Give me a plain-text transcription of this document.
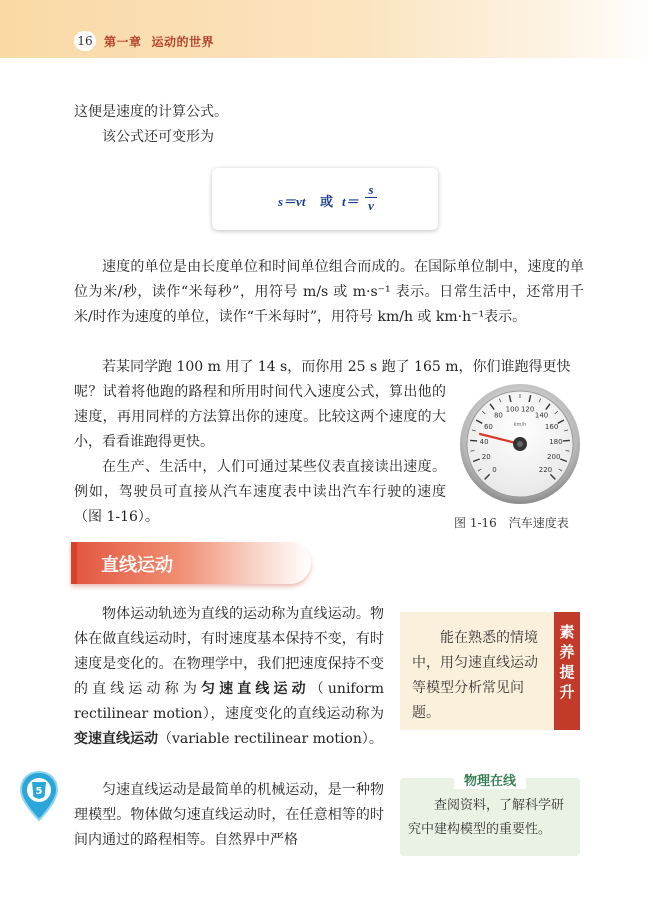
16 第一章 运动的世界

这便是速度的计算公式。

该公式还可变形为

s＝vt 或 $t= \frac{s}{v}$

速度的单位是由长度单位和时间单位组合而成的。在国际单位制中，速度的单位为米/秒，读作“米每秒”，用符号 m/s 或 m·s⁻¹ 表示。日常生活中，还常用千米/时作为速度的单位，读作“千米每时”，用符号 km/h 或 km·h⁻¹表示。

若某同学跑 100 m 用了 14 s，而你用 25 s 跑了 165 m，你们谁跑得更快

呢？试着将他跑的路程和所用时间代入速度公式，算出他的速度，再用同样的方法算出你的速度。比较这两个速度的大小，看看谁跑得更快。

在生产、生活中，人们可通过某些仪表直接读出速度。例如，驾驶员可直接从汽车速度表中读出汽车行驶的速度（图 1-16）。

0
20
40
60
80
100 120
140
160
180
200
220
km/h
图 1-16　汽车速度表
直线运动

物体运动轨迹为直线的运动称为直线运动。物体在做直线运动时，有时速度基本保持不变，有时速度是变化的。在物理学中，我们把速度保持不变的直线运动称为匀速直线运动（uniform rectilinear motion），速度变化的直线运动称为变速直线运动（variable rectilinear motion）。

匀速直线运动是最简单的机械运动，是一种物理模型。物体做匀速直线运动时，在任意相等的时间内通过的路程相等。自然界中严格

能在熟悉的情境中，用匀速直线运动等模型分析常见问题。

素养提升
物理在线

查阅资料，了解科学研究中建构模型的重要性。

5
